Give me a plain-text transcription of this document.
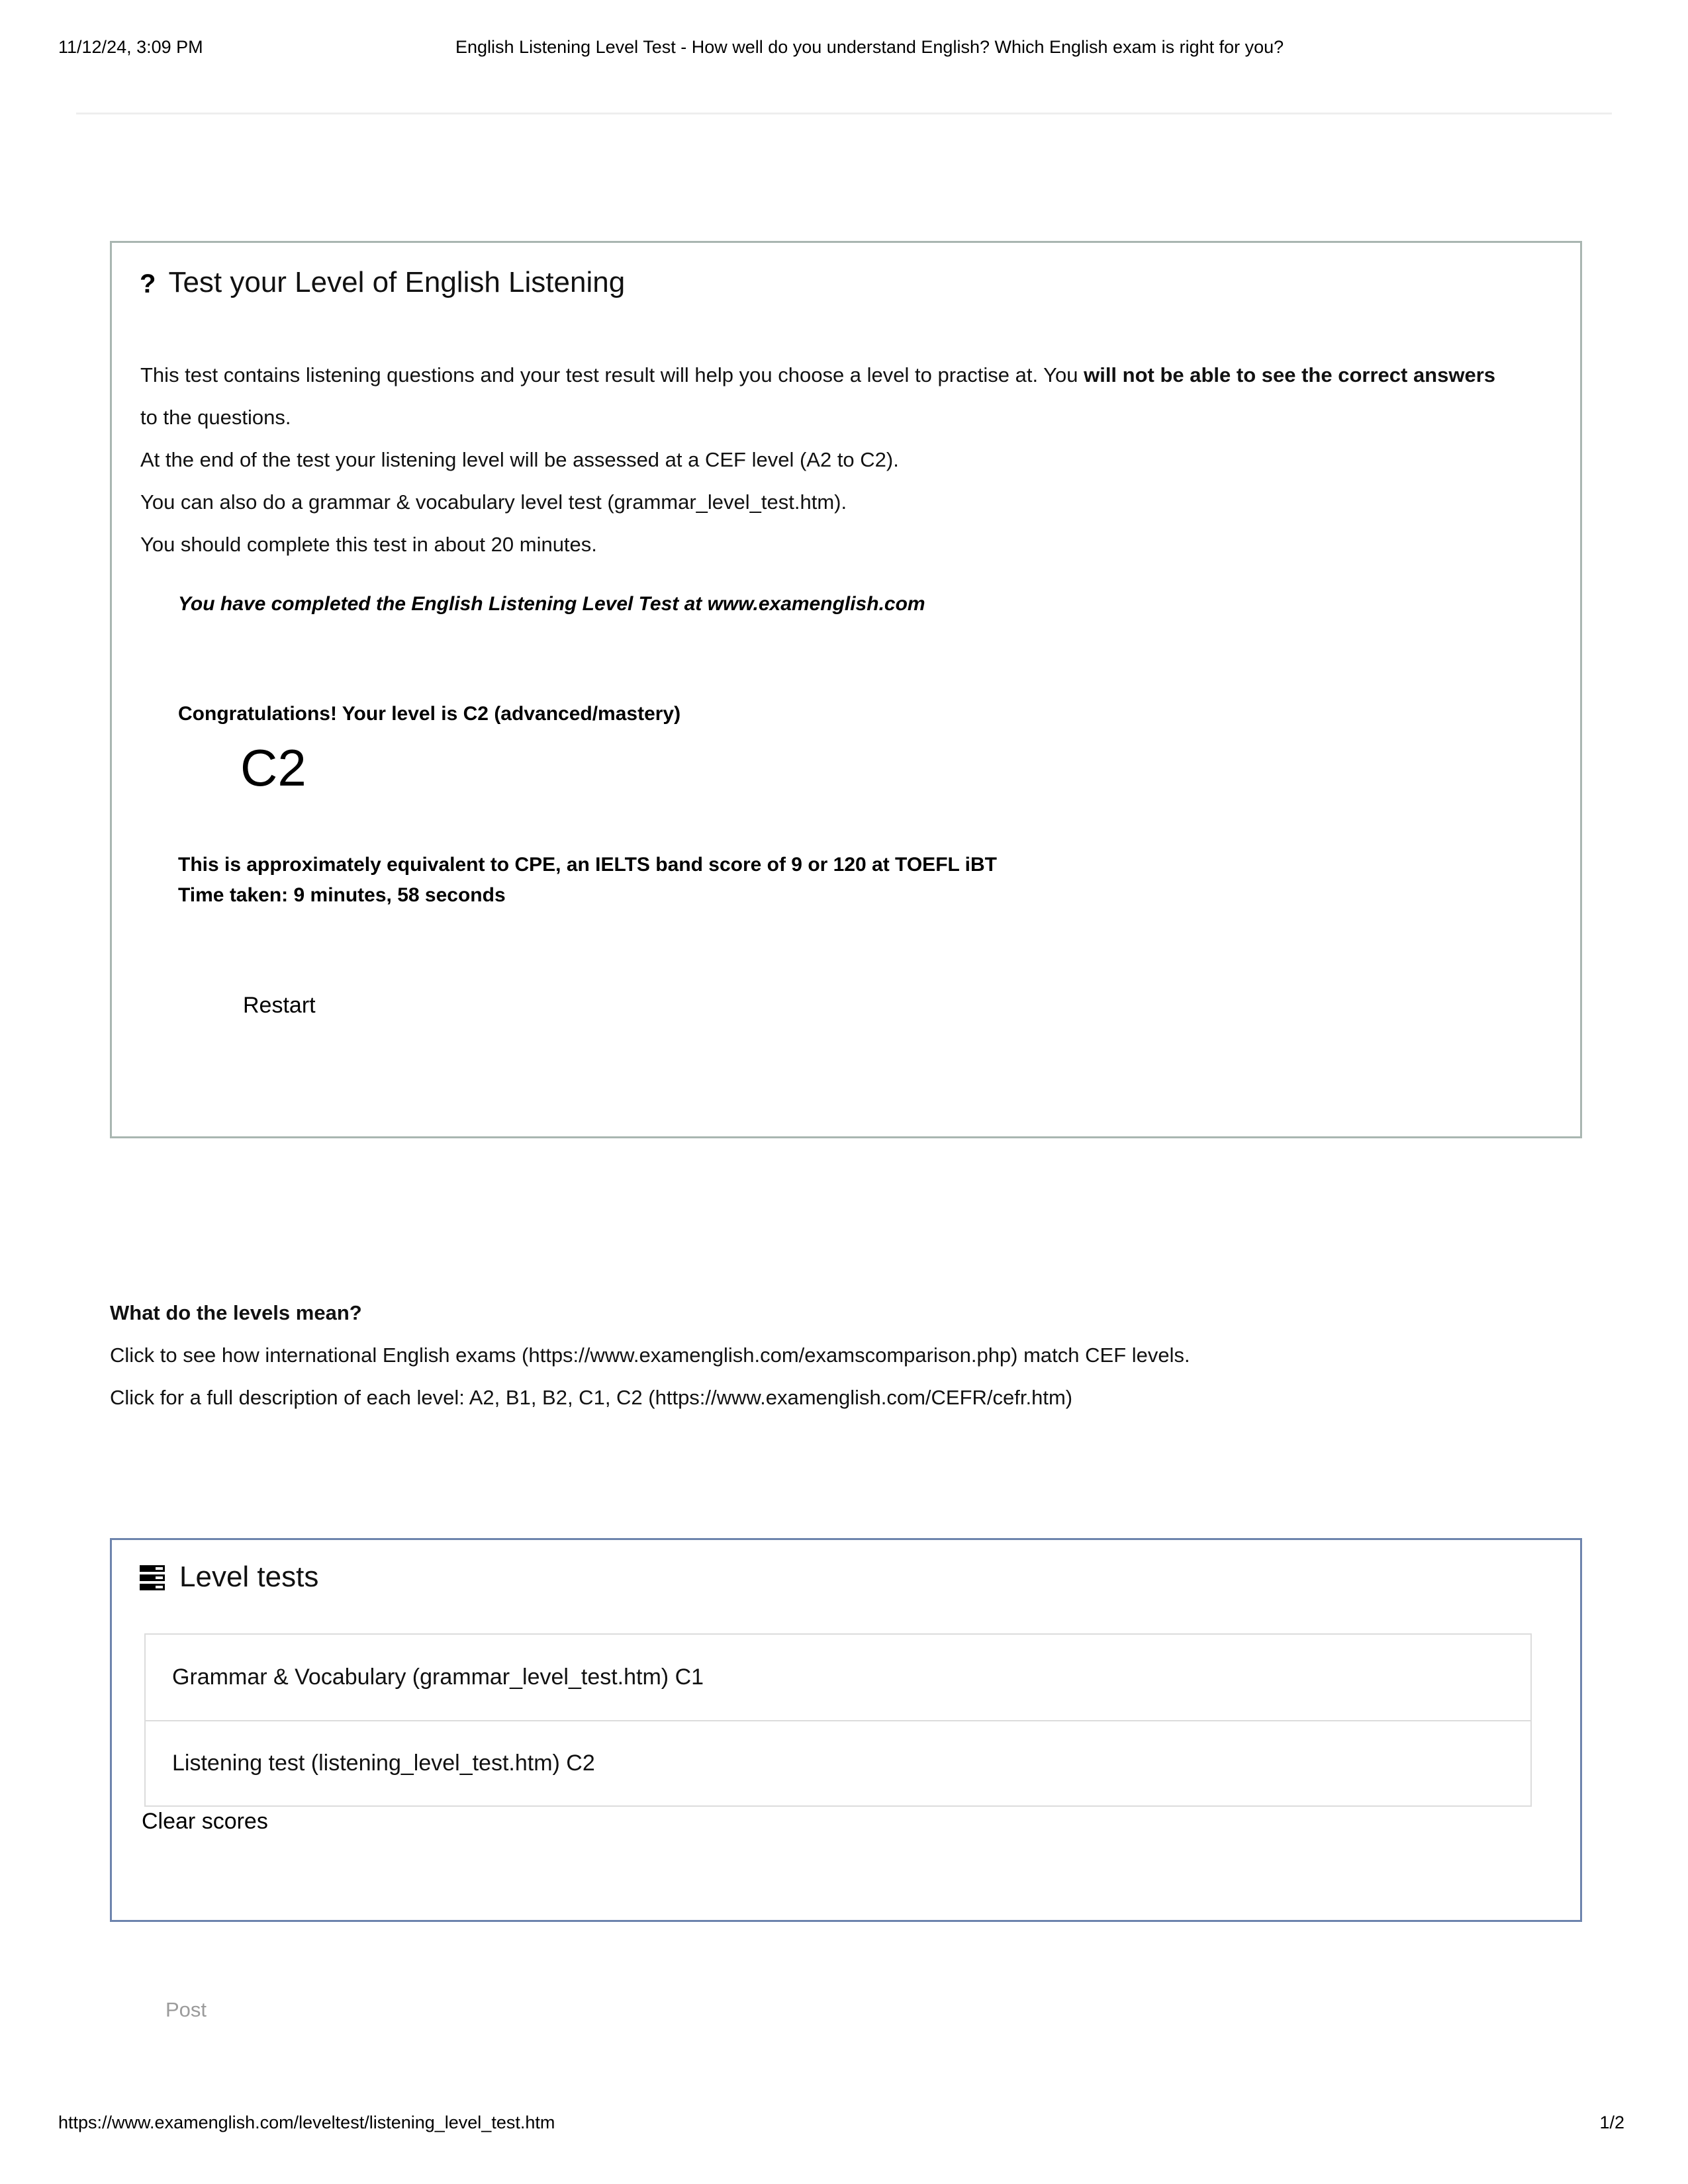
11/12/24, 3:09 PM	English Listening Level Test - How well do you understand English? Which English exam is right for you?
? Test your Level of English Listening

This test contains listening questions and your test result will help you choose a level to practise at. You will not be able to see the correct answers to the questions.

At the end of the test your listening level will be assessed at a CEF level (A2 to C2).

You can also do a grammar & vocabulary level test (grammar_level_test.htm).

You should complete this test in about 20 minutes.

You have completed the English Listening Level Test at www.examenglish.com

Congratulations! Your level is C2 (advanced/mastery)

C2

This is approximately equivalent to CPE, an IELTS band score of 9 or 120 at TOEFL iBT

Time taken: 9 minutes, 58 seconds

Restart
What do the levels mean?

Click to see how international English exams (https://www.examenglish.com/examscomparison.php) match CEF levels.

Click for a full description of each level: A2, B1, B2, C1, C2 (https://www.examenglish.com/CEFR/cefr.htm)

Level tests
Grammar & Vocabulary (grammar_level_test.htm) C1
Listening test (listening_level_test.htm) C2
Clear scores
Post
https://www.examenglish.com/leveltest/listening_level_test.htm	1/2
